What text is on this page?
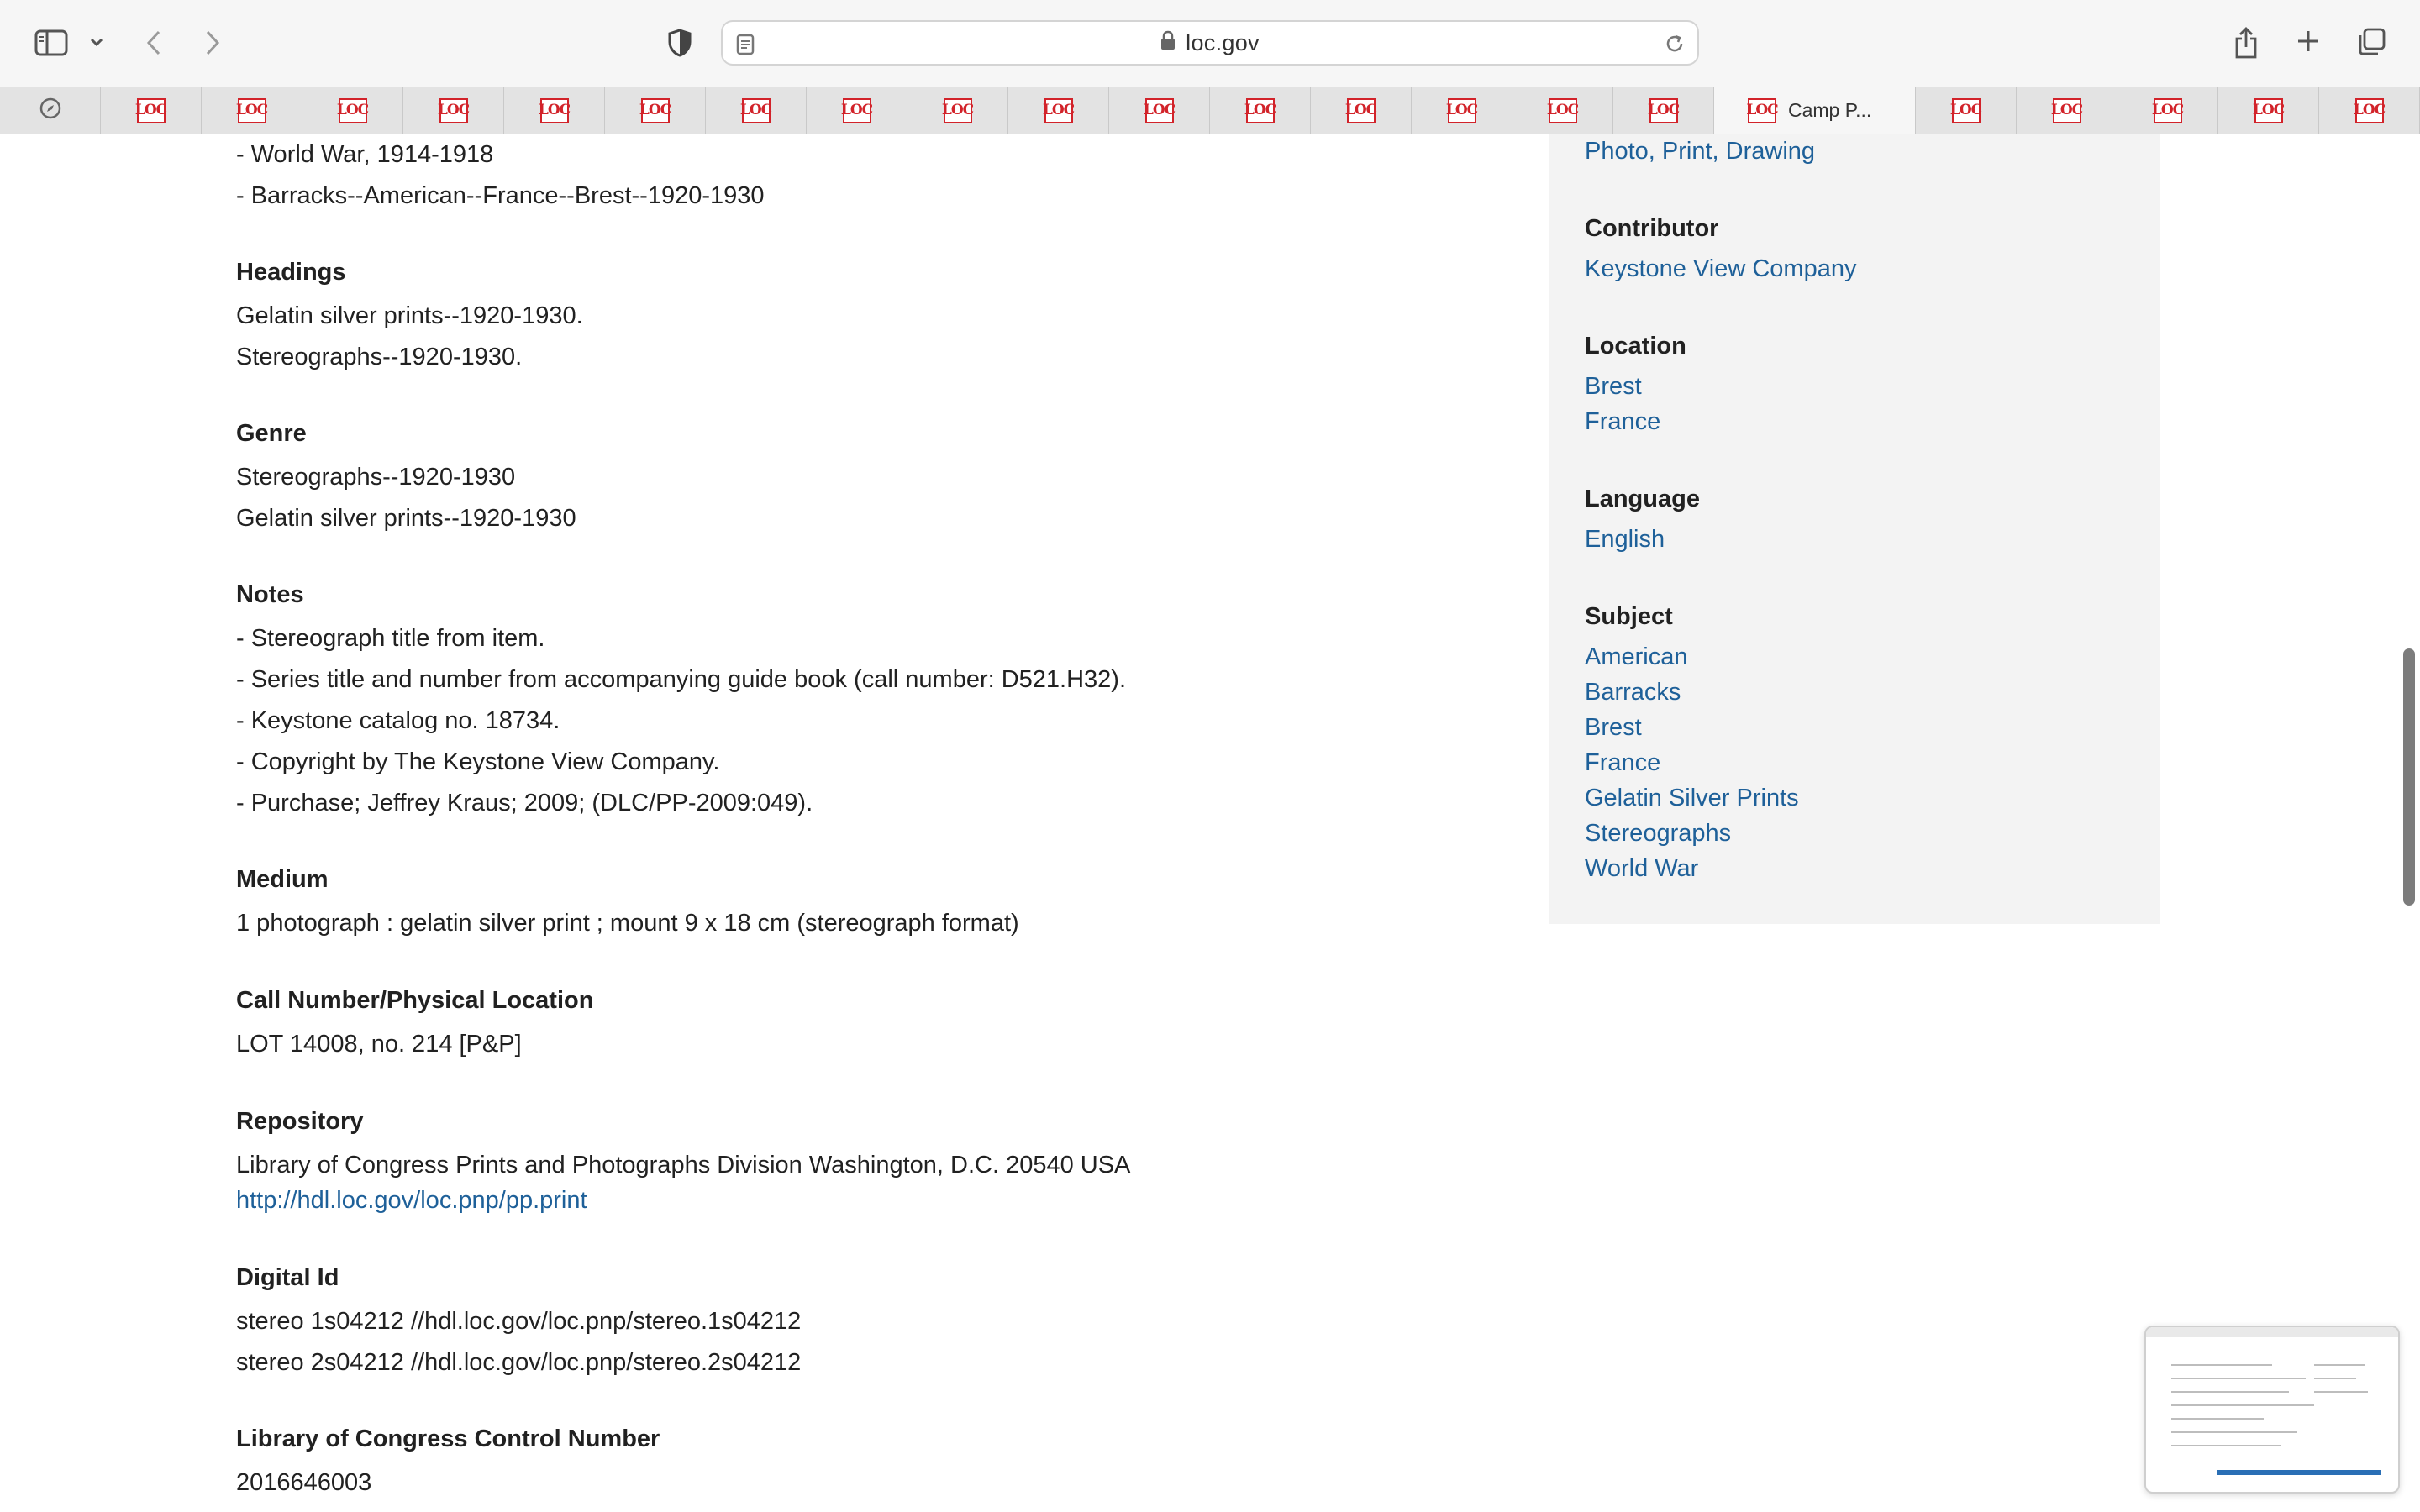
loc.gov
LOC	LOC	LOC	LOC	LOC	LOC	LOC	LOC	LOC	LOC	LOC	LOC	LOC	LOC	LOC	LOC	LOC Camp P...	LOC	LOC	LOC	LOC	LOC
- World War, 1914-1918
- Barracks--American--France--Brest--1920-1930
Headings
Gelatin silver prints--1920-1930.
Stereographs--1920-1930.
Genre
Stereographs--1920-1930
Gelatin silver prints--1920-1930
Notes
- Stereograph title from item.
- Series title and number from accompanying guide book (call number: D521.H32).
- Keystone catalog no. 18734.
- Copyright by The Keystone View Company.
- Purchase; Jeffrey Kraus; 2009; (DLC/PP-2009:049).
Medium
1 photograph : gelatin silver print ; mount 9 x 18 cm (stereograph format)
Call Number/Physical Location
LOT 14008, no. 214 [P&P]
Repository
Library of Congress Prints and Photographs Division Washington, D.C. 20540 USA
http://hdl.loc.gov/loc.pnp/pp.print
Digital Id
stereo 1s04212 //hdl.loc.gov/loc.pnp/stereo.1s04212
stereo 2s04212 //hdl.loc.gov/loc.pnp/stereo.2s04212
Library of Congress Control Number
2016646003
Photo, Print, Drawing
Contributor
Keystone View Company
Location
Brest
France
Language
English
Subject
American
Barracks
Brest
France
Gelatin Silver Prints
Stereographs
World War
